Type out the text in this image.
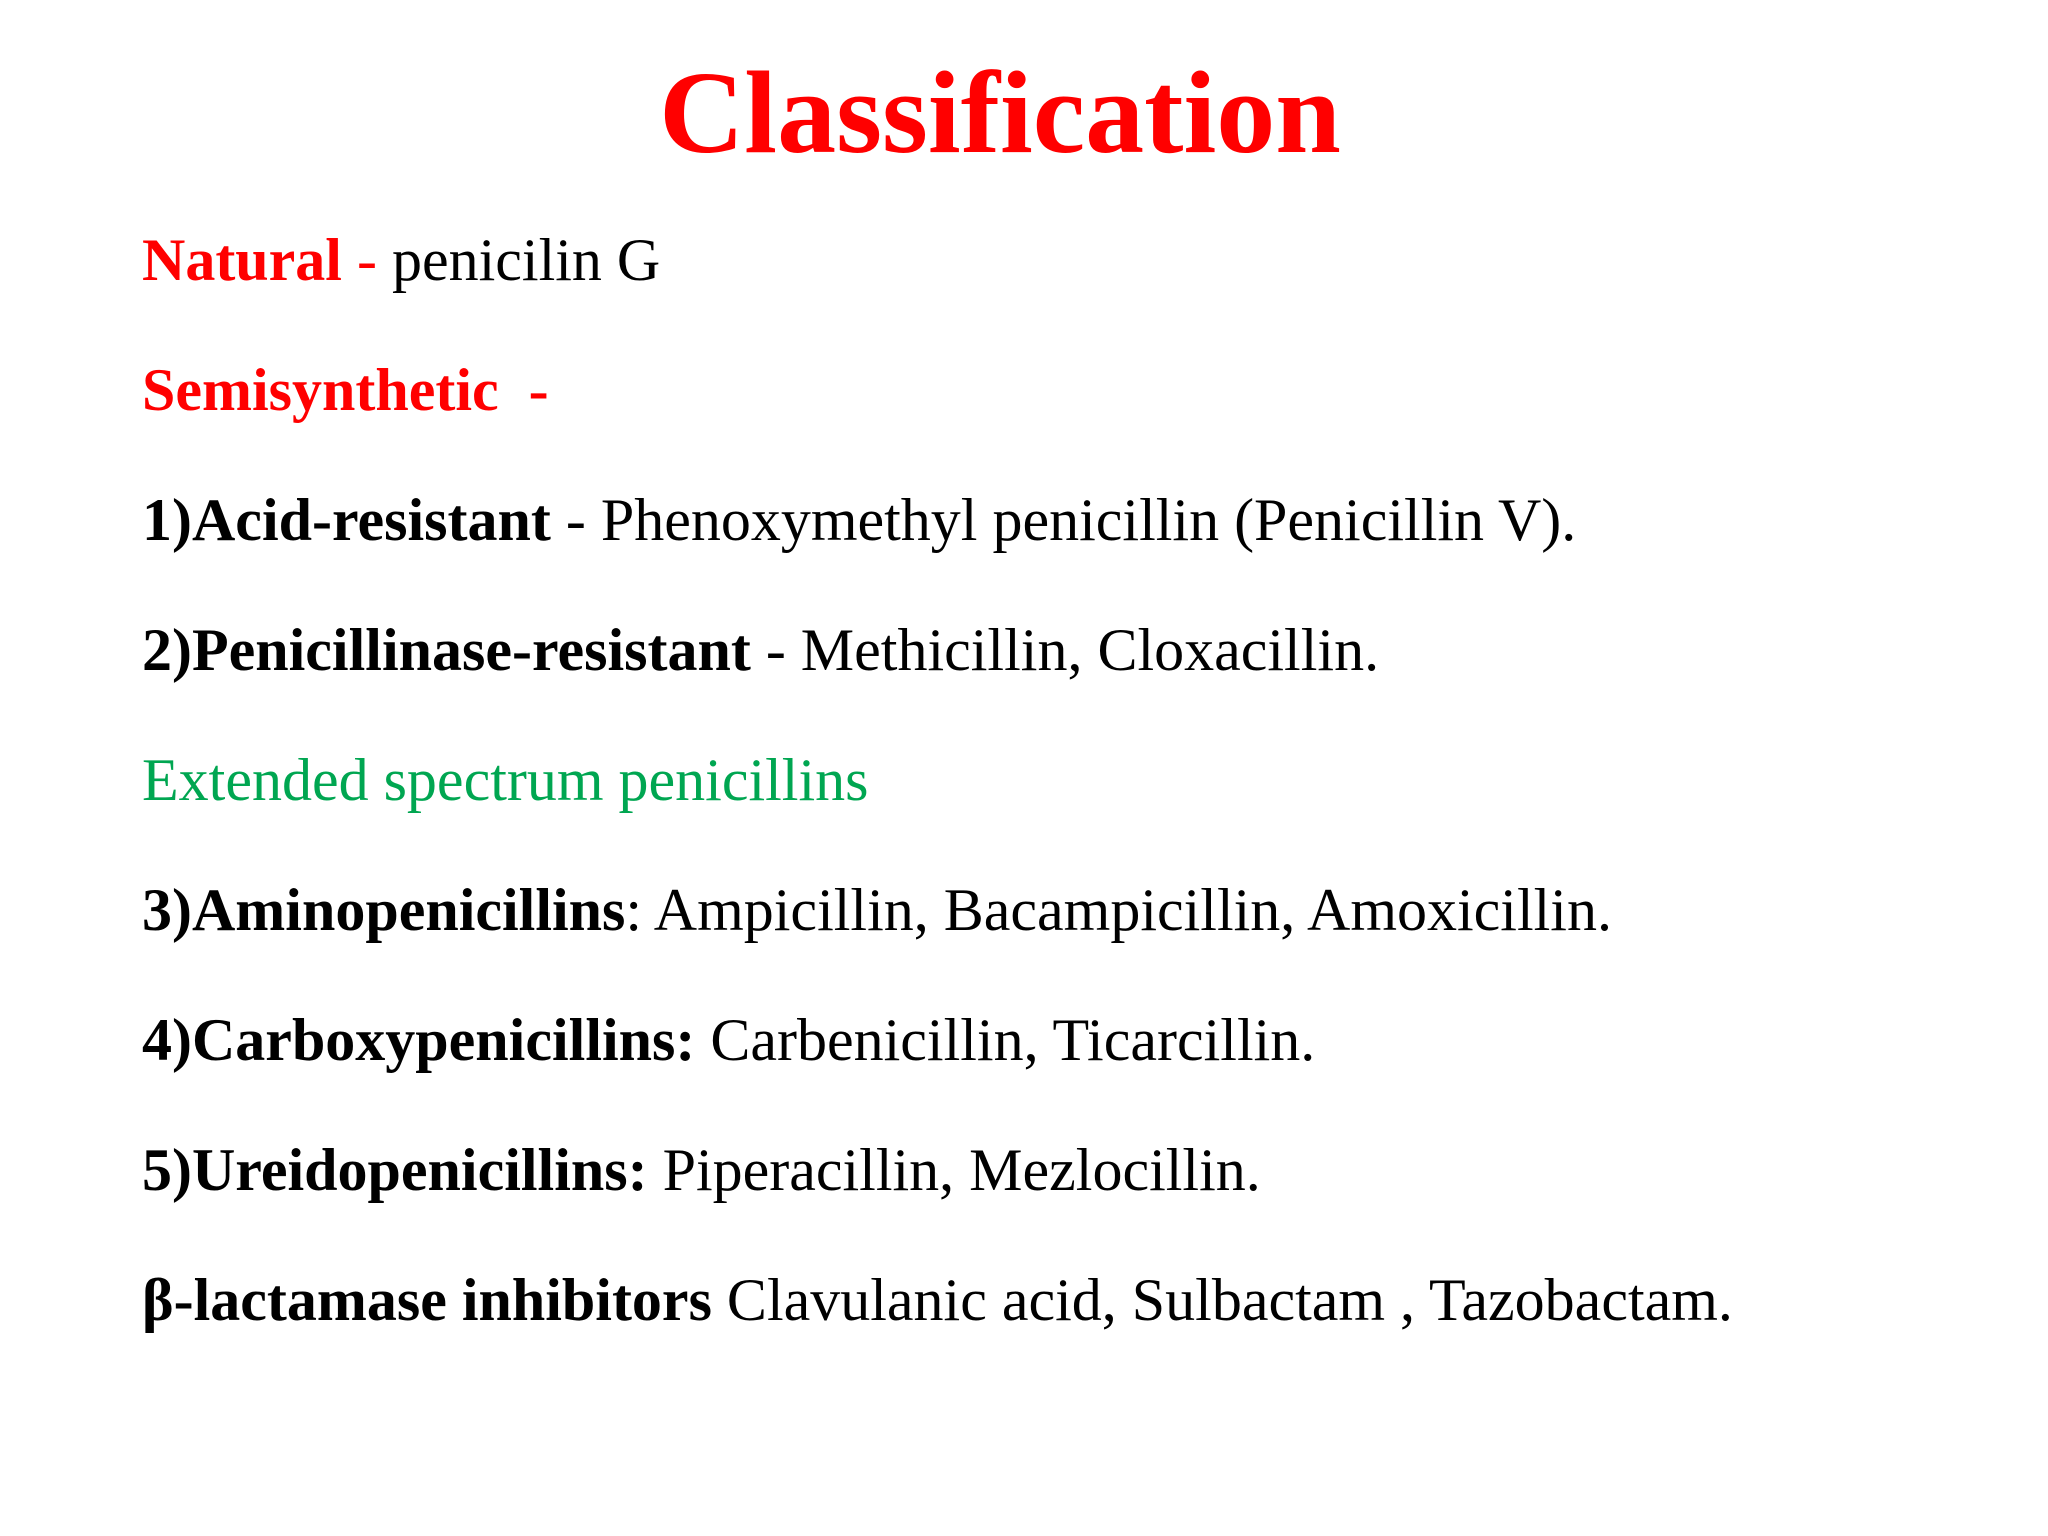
Classification
Natural - penicilin G
Semisynthetic  -
1)Acid-resistant - Phenoxymethyl penicillin (Penicillin V).
2)Penicillinase-resistant - Methicillin, Cloxacillin.
Extended spectrum penicillins
3)Aminopenicillins: Ampicillin, Bacampicillin, Amoxicillin.
4)Carboxypenicillins: Carbenicillin, Ticarcillin.
5)Ureidopenicillins: Piperacillin, Mezlocillin.
β-lactamase inhibitors Clavulanic acid, Sulbactam , Tazobactam.
